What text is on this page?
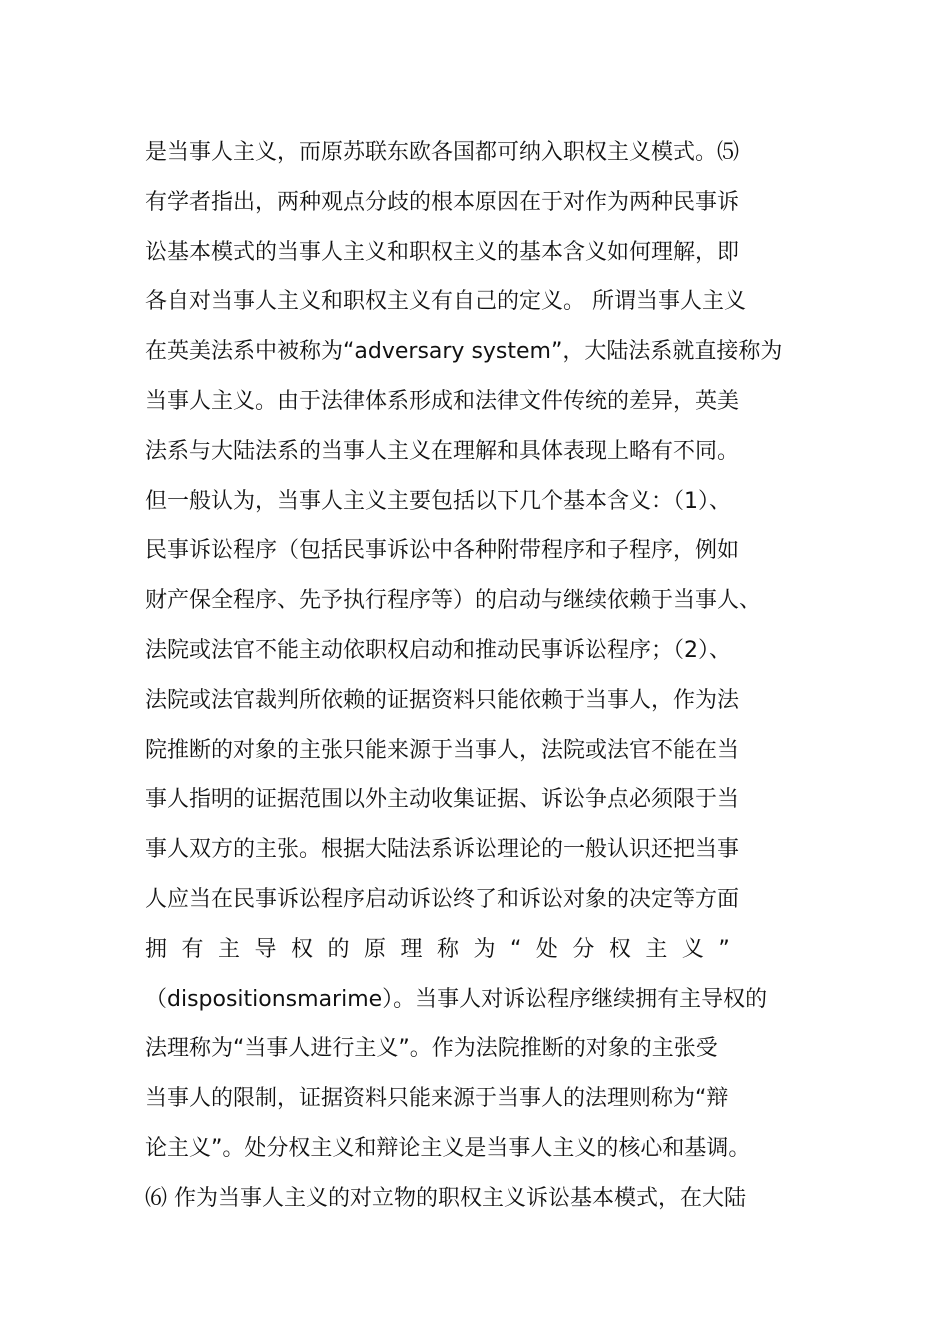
是当事人主义，而原苏联东欧各国都可纳入职权主义模式。⑸
有学者指出，两种观点分歧的根本原因在于对作为两种民事诉
讼基本模式的当事人主义和职权主义的基本含义如何理解，即
各自对当事人主义和职权主义有自己的定义。 所谓当事人主义
在英美法系中被称为“adversary system”，大陆法系就直接称为
当事人主义。由于法律体系形成和法律文件传统的差异，英美
法系与大陆法系的当事人主义在理解和具体表现上略有不同。
但一般认为，当事人主义主要包括以下几个基本含义：（1）、
民事诉讼程序（包括民事诉讼中各种附带程序和子程序，例如
财产保全程序、先予执行程序等）的启动与继续依赖于当事人、
法院或法官不能主动依职权启动和推动民事诉讼程序；（2）、
法院或法官裁判所依赖的证据资料只能依赖于当事人，作为法
院推断的对象的主张只能来源于当事人，法院或法官不能在当
事人指明的证据范围以外主动收集证据、诉讼争点必须限于当
事人双方的主张。根据大陆法系诉讼理论的一般认识还把当事
人应当在民事诉讼程序启动诉讼终了和诉讼对象的决定等方面
拥有主导权的原理称为“处分权主义”
（dispositionsmarime）。当事人对诉讼程序继续拥有主导权的
法理称为“当事人进行主义”。作为法院推断的对象的主张受
当事人的限制，证据资料只能来源于当事人的法理则称为“辩
论主义”。处分权主义和辩论主义是当事人主义的核心和基调。
⑹ 作为当事人主义的对立物的职权主义诉讼基本模式，在大陆
